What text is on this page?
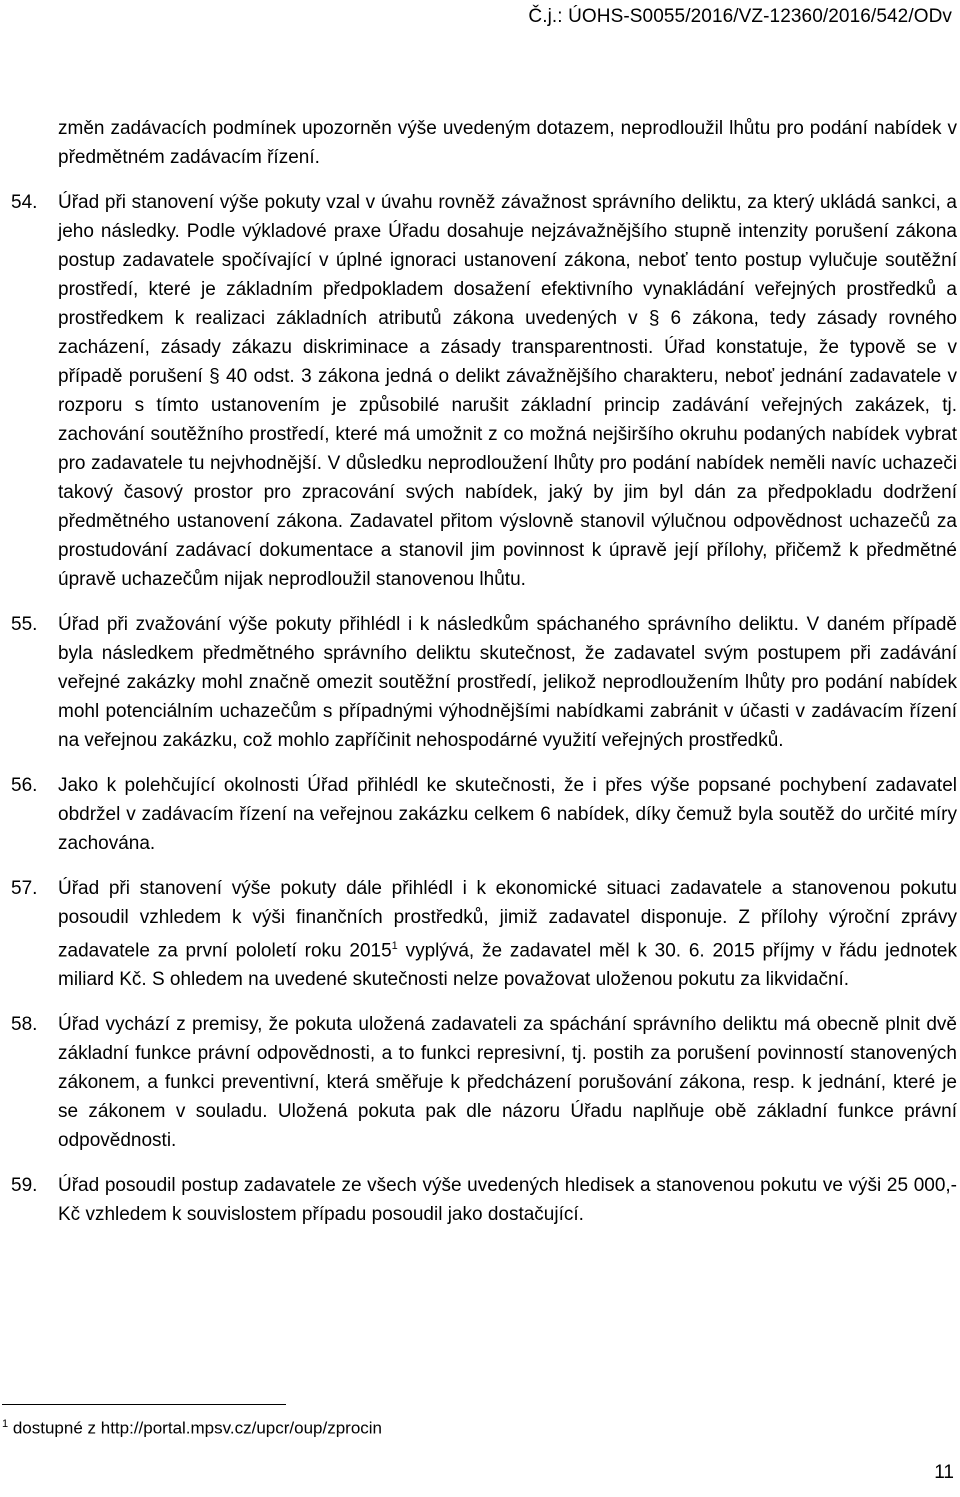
Č.j.: ÚOHS-S0055/2016/VZ-12360/2016/542/ODv
změn zadávacích podmínek upozorněn výše uvedeným dotazem, neprodloužil lhůtu pro podání nabídek v předmětném zadávacím řízení.
54.	Úřad při stanovení výše pokuty vzal v úvahu rovněž závažnost správního deliktu, za který ukládá sankci, a jeho následky. Podle výkladové praxe Úřadu dosahuje nejzávažnějšího stupně intenzity porušení zákona postup zadavatele spočívající v úplné ignoraci ustanovení zákona, neboť tento postup vylučuje soutěžní prostředí, které je základním předpokladem dosažení efektivního vynakládání veřejných prostředků a prostředkem k realizaci základních atributů zákona uvedených v § 6 zákona, tedy zásady rovného zacházení, zásady zákazu diskriminace a zásady transparentnosti. Úřad konstatuje, že typově se v případě porušení § 40 odst. 3 zákona jedná o delikt závažnějšího charakteru, neboť jednání zadavatele v rozporu s tímto ustanovením je způsobilé narušit základní princip zadávání veřejných zakázek, tj. zachování soutěžního prostředí, které má umožnit z co možná nejširšího okruhu podaných nabídek vybrat pro zadavatele tu nejvhodnější. V důsledku neprodloužení lhůty pro podání nabídek neměli navíc uchazeči takový časový prostor pro zpracování svých nabídek, jaký by jim byl dán za předpokladu dodržení předmětného ustanovení zákona. Zadavatel přitom výslovně stanovil výlučnou odpovědnost uchazečů za prostudování zadávací dokumentace a stanovil jim povinnost k úpravě její přílohy, přičemž k předmětné úpravě uchazečům nijak neprodloužil stanovenou lhůtu.
55.	Úřad při zvažování výše pokuty přihlédl i k následkům spáchaného správního deliktu. V daném případě byla následkem předmětného správního deliktu skutečnost, že zadavatel svým postupem při zadávání veřejné zakázky mohl značně omezit soutěžní prostředí, jelikož neprodloužením lhůty pro podání nabídek mohl potenciálním uchazečům s případnými výhodnějšími nabídkami zabránit v účasti v zadávacím řízení na veřejnou zakázku, což mohlo zapříčinit nehospodárné využití veřejných prostředků.
56.	Jako k polehčující okolnosti Úřad přihlédl ke skutečnosti, že i přes výše popsané pochybení zadavatel obdržel v zadávacím řízení na veřejnou zakázku celkem 6 nabídek, díky čemuž byla soutěž do určité míry zachována.
57.	Úřad při stanovení výše pokuty dále přihlédl i k ekonomické situaci zadavatele a stanovenou pokutu posoudil vzhledem k výši finančních prostředků, jimiž zadavatel disponuje. Z přílohy výroční zprávy zadavatele za první pololetí roku 2015$^1$ vyplývá, že zadavatel měl k 30. 6. 2015 příjmy v řádu jednotek miliard Kč. S ohledem na uvedené skutečnosti nelze považovat uloženou pokutu za likvidační.
58.	Úřad vychází z premisy, že pokuta uložená zadavateli za spáchání správního deliktu má obecně plnit dvě základní funkce právní odpovědnosti, a to funkci represivní, tj. postih za porušení povinností stanovených zákonem, a funkci preventivní, která směřuje k předcházení porušování zákona, resp. k jednání, které je se zákonem v souladu. Uložená pokuta pak dle názoru Úřadu naplňuje obě základní funkce právní odpovědnosti.
59.	Úřad posoudil postup zadavatele ze všech výše uvedených hledisek a stanovenou pokutu ve výši 25 000,- Kč vzhledem k souvislostem případu posoudil jako dostačující.
$^1$ dostupné z http://portal.mpsv.cz/upcr/oup/zprocin
11
